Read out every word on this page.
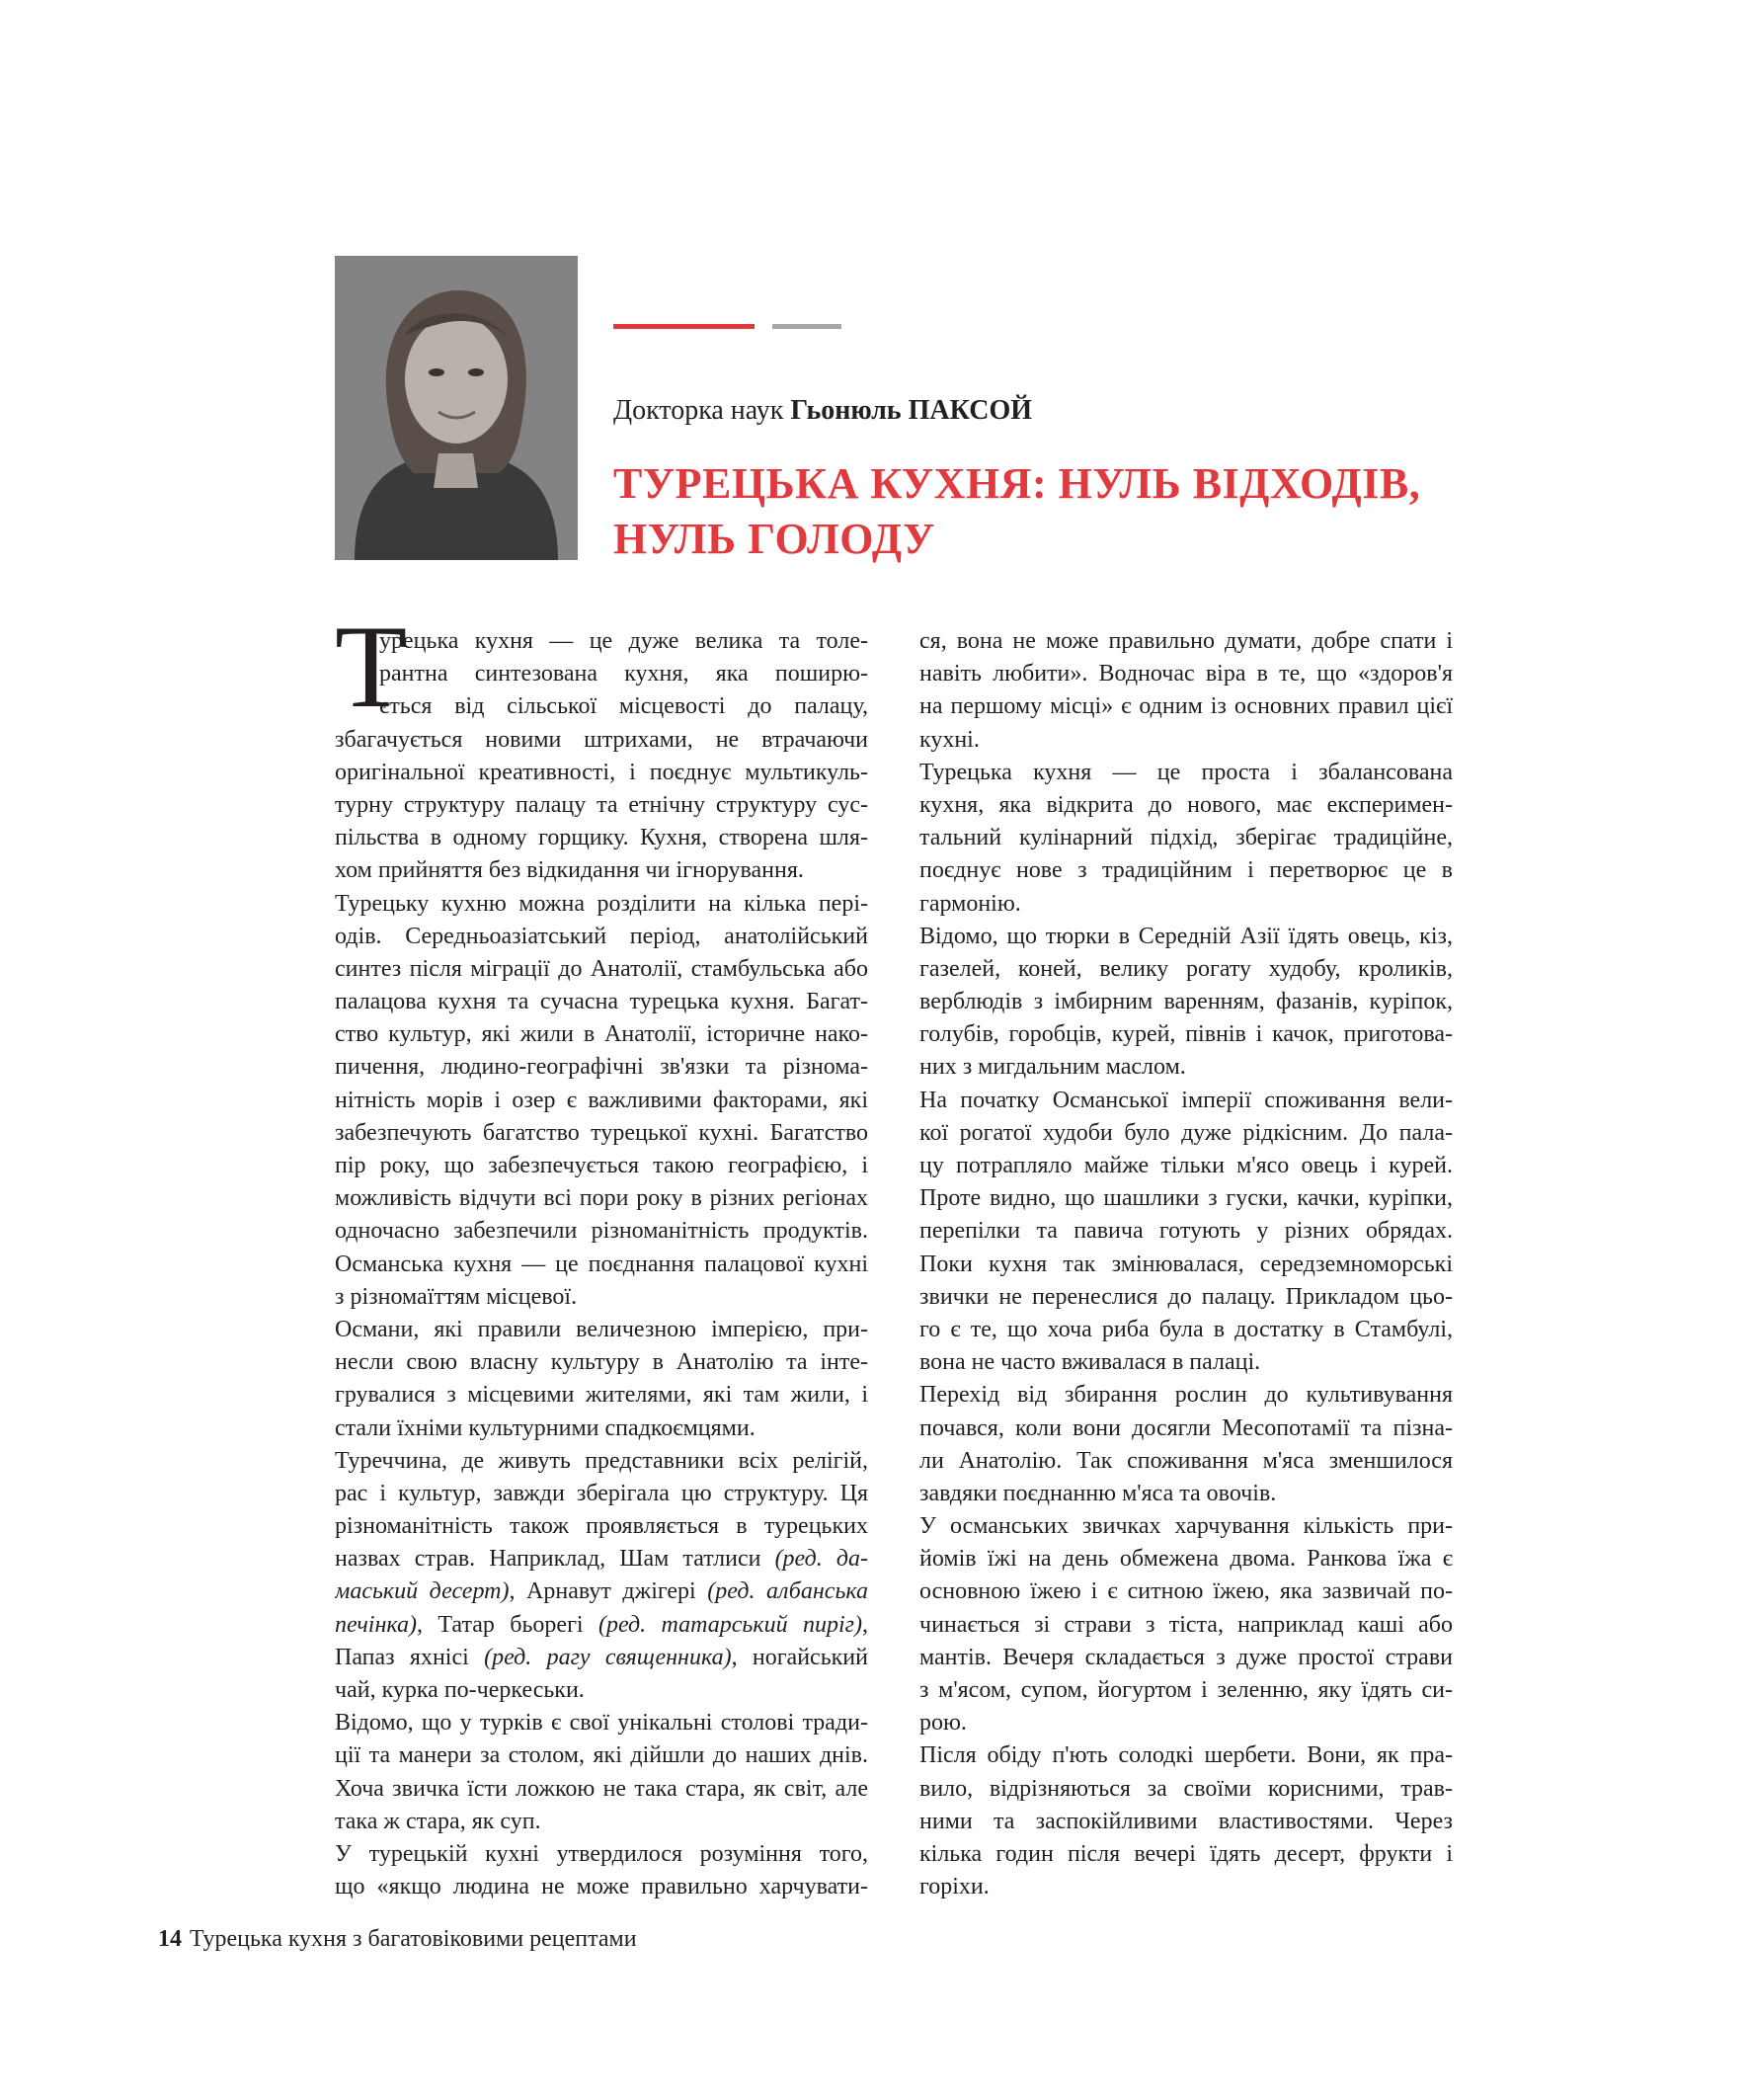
Докторка наук Гьонюль ПАКСОЙ
ТУРЕЦЬКА КУХНЯ: НУЛЬ ВІДХОДІВ,
НУЛЬ ГОЛОДУ
Т
урецька кухня — це дуже велика та толе-
рантна синтезована кухня, яка поширю-
ється від сільської місцевості до палацу,
збагачується новими штрихами, не втрачаючи
оригінальної креативності, і поєднує мультикуль-
турну структуру палацу та етнічну структуру сус-
пільства в одному горщику. Кухня, створена шля-
хом прийняття без відкидання чи ігнорування.
Турецьку кухню можна розділити на кілька пері-
одів. Середньоазіатський період, анатолійський
синтез після міграції до Анатолії, стамбульська або
палацова кухня та сучасна турецька кухня. Багат-
ство культур, які жили в Анатолії, історичне нако-
пичення, людино-географічні зв'язки та різнома-
нітність морів і озер є важливими факторами, які
забезпечують багатство турецької кухні. Багатство
пір року, що забезпечується такою географією, і
можливість відчути всі пори року в різних регіонах
одночасно забезпечили різноманітність продуктів.
Османська кухня — це поєднання палацової кухні
з різномаїттям місцевої.
Османи, які правили величезною імперією, при-
несли свою власну культуру в Анатолію та інте-
грувалися з місцевими жителями, які там жили, і
стали їхніми культурними спадкоємцями.
Туреччина, де живуть представники всіх релігій,
рас і культур, завжди зберігала цю структуру. Ця
різноманітність також проявляється в турецьких
назвах страв. Наприклад, Шам татлиси (ред. да-
маський десерт), Арнавут джігері (ред. албанська
печінка), Татар бьорегі (ред. татарський пиріг),
Папаз яхнісі (ред. рагу священника), ногайський
чай, курка по-черкеськи.
Відомо, що у турків є свої унікальні столові тради-
ції та манери за столом, які дійшли до наших днів.
Хоча звичка їсти ложкою не така стара, як світ, але
така ж стара, як суп.
У турецькій кухні утвердилося розуміння того,
що «якщо людина не може правильно харчувати-
ся, вона не може правильно думати, добре спати і
навіть любити». Водночас віра в те, що «здоров'я
на першому місці» є одним із основних правил цієї
кухні.
Турецька кухня — це проста і збалансована
кухня, яка відкрита до нового, має експеримен-
тальний кулінарний підхід, зберігає традиційне,
поєднує нове з традиційним і перетворює це в
гармонію.
Відомо, що тюрки в Середній Азії їдять овець, кіз,
газелей, коней, велику рогату худобу, кроликів,
верблюдів з імбирним варенням, фазанів, куріпок,
голубів, горобців, курей, півнів і качок, приготова-
них з мигдальним маслом.
На початку Османської імперії споживання вели-
кої рогатої худоби було дуже рідкісним. До пала-
цу потрапляло майже тільки м'ясо овець і курей.
Проте видно, що шашлики з гуски, качки, куріпки,
перепілки та павича готують у різних обрядах.
Поки кухня так змінювалася, середземноморські
звички не перенеслися до палацу. Прикладом цьо-
го є те, що хоча риба була в достатку в Стамбулі,
вона не часто вживалася в палаці.
Перехід від збирання рослин до культивування
почався, коли вони досягли Месопотамії та пізна-
ли Анатолію. Так споживання м'яса зменшилося
завдяки поєднанню м'яса та овочів.
У османських звичках харчування кількість при-
йомів їжі на день обмежена двома. Ранкова їжа є
основною їжею і є ситною їжею, яка зазвичай по-
чинається зі страви з тіста, наприклад каші або
мантів. Вечеря складається з дуже простої страви
з м'ясом, супом, йогуртом і зеленню, яку їдять си-
рою.
Після обіду п'ють солодкі шербети. Вони, як пра-
вило, відрізняються за своїми корисними, трав-
ними та заспокійливими властивостями. Через
кілька годин після вечері їдять десерт, фрукти і
горіхи.
14 Турецька кухня з багатовіковими рецептами
